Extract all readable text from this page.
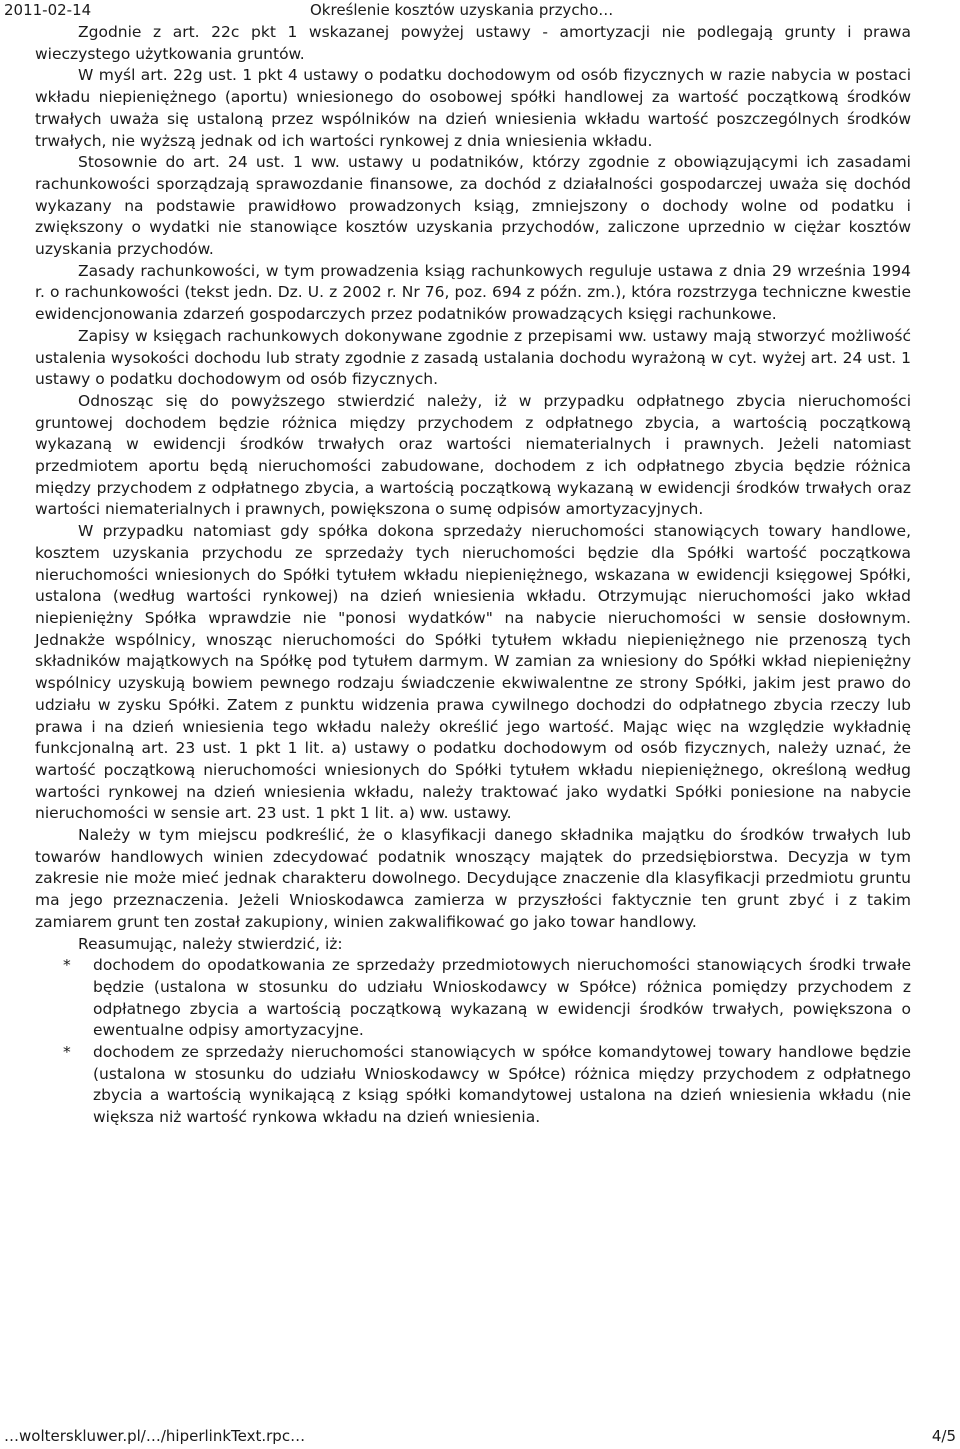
2011-02-14	Określenie kosztów uzyskania przycho…

Zgodnie z art. 22c pkt 1 wskazanej powyżej ustawy - amortyzacji nie podlegają grunty i prawa wieczystego użytkowania gruntów.

W myśl art. 22g ust. 1 pkt 4 ustawy o podatku dochodowym od osób fizycznych w razie nabycia w postaci wkładu niepieniężnego (aportu) wniesionego do osobowej spółki handlowej za wartość początkową środków trwałych uważa się ustaloną przez wspólników na dzień wniesienia wkładu wartość poszczególnych środków trwałych, nie wyższą jednak od ich wartości rynkowej z dnia wniesienia wkładu.

Stosownie do art. 24 ust. 1 ww. ustawy u podatników, którzy zgodnie z obowiązującymi ich zasadami rachunkowości sporządzają sprawozdanie finansowe, za dochód z działalności gospodarczej uważa się dochód wykazany na podstawie prawidłowo prowadzonych ksiąg, zmniejszony o dochody wolne od podatku i zwiększony o wydatki nie stanowiące kosztów uzyskania przychodów, zaliczone uprzednio w ciężar kosztów uzyskania przychodów.

Zasady rachunkowości, w tym prowadzenia ksiąg rachunkowych reguluje ustawa z dnia 29 września 1994 r. o rachunkowości (tekst jedn. Dz. U. z 2002 r. Nr 76, poz. 694 z późn. zm.), która rozstrzyga techniczne kwestie ewidencjonowania zdarzeń gospodarczych przez podatników prowadzących księgi rachunkowe.

Zapisy w księgach rachunkowych dokonywane zgodnie z przepisami ww. ustawy mają stworzyć możliwość ustalenia wysokości dochodu lub straty zgodnie z zasadą ustalania dochodu wyrażoną w cyt. wyżej art. 24 ust. 1 ustawy o podatku dochodowym od osób fizycznych.

Odnosząc się do powyższego stwierdzić należy, iż w przypadku odpłatnego zbycia nieruchomości gruntowej dochodem będzie różnica między przychodem z odpłatnego zbycia, a wartością początkową wykazaną w ewidencji środków trwałych oraz wartości niematerialnych i prawnych. Jeżeli natomiast przedmiotem aportu będą nieruchomości zabudowane, dochodem z ich odpłatnego zbycia będzie różnica między przychodem z odpłatnego zbycia, a wartością początkową wykazaną w ewidencji środków trwałych oraz wartości niematerialnych i prawnych, powiększona o sumę odpisów amortyzacyjnych.

W przypadku natomiast gdy spółka dokona sprzedaży nieruchomości stanowiących towary handlowe, kosztem uzyskania przychodu ze sprzedaży tych nieruchomości będzie dla Spółki wartość początkowa nieruchomości wniesionych do Spółki tytułem wkładu niepieniężnego, wskazana w ewidencji księgowej Spółki, ustalona (według wartości rynkowej) na dzień wniesienia wkładu. Otrzymując nieruchomości jako wkład niepieniężny Spółka wprawdzie nie "ponosi wydatków" na nabycie nieruchomości w sensie dosłownym. Jednakże wspólnicy, wnosząc nieruchomości do Spółki tytułem wkładu niepieniężnego nie przenoszą tych składników majątkowych na Spółkę pod tytułem darmym. W zamian za wniesiony do Spółki wkład niepieniężny wspólnicy uzyskują bowiem pewnego rodzaju świadczenie ekwiwalentne ze strony Spółki, jakim jest prawo do udziału w zysku Spółki. Zatem z punktu widzenia prawa cywilnego dochodzi do odpłatnego zbycia rzeczy lub prawa i na dzień wniesienia tego wkładu należy określić jego wartość. Mając więc na względzie wykładnię funkcjonalną art. 23 ust. 1 pkt 1 lit. a) ustawy o podatku dochodowym od osób fizycznych, należy uznać, że wartość początkową nieruchomości wniesionych do Spółki tytułem wkładu niepieniężnego, określoną według wartości rynkowej na dzień wniesienia wkładu, należy traktować jako wydatki Spółki poniesione na nabycie nieruchomości w sensie art. 23 ust. 1 pkt 1 lit. a) ww. ustawy.

Należy w tym miejscu podkreślić, że o klasyfikacji danego składnika majątku do środków trwałych lub towarów handlowych winien zdecydować podatnik wnoszący majątek do przedsiębiorstwa. Decyzja w tym zakresie nie może mieć jednak charakteru dowolnego. Decydujące znaczenie dla klasyfikacji przedmiotu gruntu ma jego przeznaczenia. Jeżeli Wnioskodawca zamierza w przyszłości faktycznie ten grunt zbyć i z takim zamiarem grunt ten został zakupiony, winien zakwalifikować go jako towar handlowy.

Reasumując, należy stwierdzić, iż:

* dochodem do opodatkowania ze sprzedaży przedmiotowych nieruchomości stanowiących środki trwałe będzie (ustalona w stosunku do udziału Wnioskodawcy w Spółce) różnica pomiędzy przychodem z odpłatnego zbycia a wartością początkową wykazaną w ewidencji środków trwałych, powiększona o ewentualne odpisy amortyzacyjne.
* dochodem ze sprzedaży nieruchomości stanowiących w spółce komandytowej towary handlowe będzie (ustalona w stosunku do udziału Wnioskodawcy w Spółce) różnica między przychodem z odpłatnego zbycia a wartością wynikającą z ksiąg spółki komandytowej ustalona na dzień wniesienia wkładu (nie większa niż wartość rynkowa wkładu na dzień wniesienia.
…wolterskluwer.pl/…/hiperlinkText.rpc…	4/5
